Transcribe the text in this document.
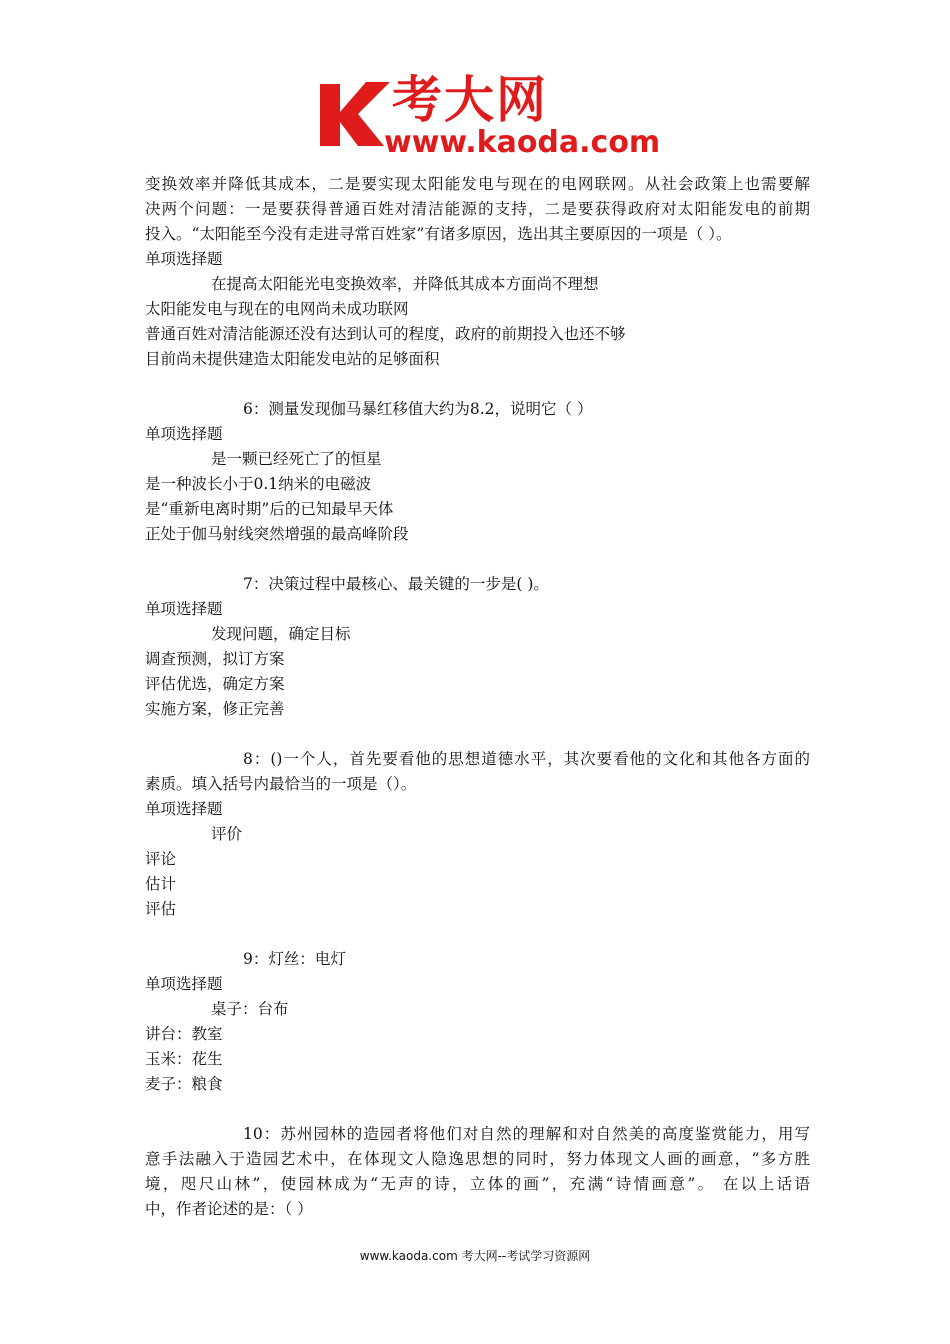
考大网
www.kaoda.com
变换效率并降低其成本，二是要实现太阳能发电与现在的电网联网。从社会政策上也需要解
决两个问题：一是要获得普通百姓对清洁能源的支持，二是要获得政府对太阳能发电的前期
投入。“太阳能至今没有走进寻常百姓家”有诸多原因，选出其主要原因的一项是（ ）。
单项选择题
在提高太阳能光电变换效率，并降低其成本方面尚不理想
太阳能发电与现在的电网尚未成功联网
普通百姓对清洁能源还没有达到认可的程度，政府的前期投入也还不够
目前尚未提供建造太阳能发电站的足够面积
6：测量发现伽马暴红移值大约为8.2，说明它（ ）
单项选择题
是一颗已经死亡了的恒星
是一种波长小于0.1纳米的电磁波
是“重新电离时期”后的已知最早天体
正处于伽马射线突然增强的最高峰阶段
7：决策过程中最核心、最关键的一步是( )。
单项选择题
发现问题，确定目标
调查预测，拟订方案
评估优选，确定方案
实施方案，修正完善
8：()一个人，首先要看他的思想道德水平，其次要看他的文化和其他各方面的
素质。填入括号内最恰当的一项是（）。
单项选择题
评价
评论
估计
评估
9：灯丝：电灯
单项选择题
桌子：台布
讲台：教室
玉米：花生
麦子：粮食
10：苏州园林的造园者将他们对自然的理解和对自然美的高度鉴赏能力，用写
意手法融入于造园艺术中，在体现文人隐逸思想的同时，努力体现文人画的画意，“多方胜
境，咫尺山林”，使园林成为“无声的诗，立体的画”，充满“诗情画意”。 在以上话语
中，作者论述的是：（ ）
www.kaoda.com 考大网--考试学习资源网
